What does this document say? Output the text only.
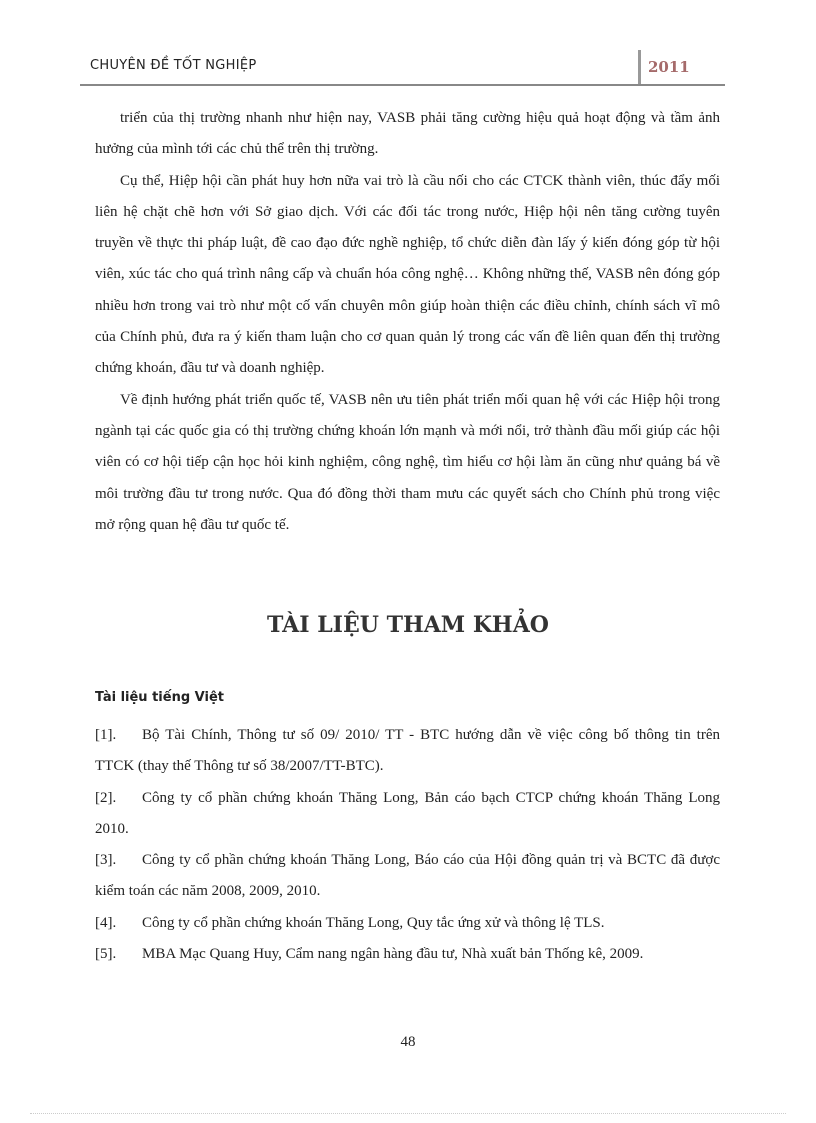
CHUYÊN ĐỀ TỐT NGHIỆP	2011

triển của thị trường nhanh như hiện nay, VASB phải tăng cường hiệu quả hoạt động và tầm ảnh hưởng của mình tới các chủ thể trên thị trường.

Cụ thể, Hiệp hội cần phát huy hơn nữa vai trò là cầu nối cho các CTCK thành viên, thúc đẩy mối liên hệ chặt chẽ hơn với Sở giao dịch. Với các đối tác trong nước, Hiệp hội nên tăng cường tuyên truyền về thực thi pháp luật, đề cao đạo đức nghề nghiệp, tổ chức diễn đàn lấy ý kiến đóng góp từ hội viên, xúc tác cho quá trình nâng cấp và chuẩn hóa công nghệ… Không những thế, VASB nên đóng góp nhiều hơn trong vai trò như một cố vấn chuyên môn giúp hoàn thiện các điều chỉnh, chính sách vĩ mô của Chính phủ, đưa ra ý kiến tham luận cho cơ quan quản lý trong các vấn đề liên quan đến thị trường chứng khoán, đầu tư và doanh nghiệp.

Về định hướng phát triển quốc tế, VASB nên ưu tiên phát triển mối quan hệ với các Hiệp hội trong ngành tại các quốc gia có thị trường chứng khoán lớn mạnh và mới nổi, trở thành đầu mối giúp các hội viên có cơ hội tiếp cận học hỏi kinh nghiệm, công nghệ, tìm hiểu cơ hội làm ăn cũng như quảng bá về môi trường đầu tư trong nước. Qua đó đồng thời tham mưu các quyết sách cho Chính phủ trong việc mở rộng quan hệ đầu tư quốc tế.

TÀI LIỆU THAM KHẢO
Tài liệu tiếng Việt

[1]. Bộ Tài Chính, Thông tư số 09/ 2010/ TT - BTC hướng dẫn về việc công bố thông tin trên TTCK (thay thế Thông tư số 38/2007/TT-BTC).

[2]. Công ty cổ phần chứng khoán Thăng Long, Bản cáo bạch CTCP chứng khoán Thăng Long 2010.

[3]. Công ty cổ phần chứng khoán Thăng Long, Báo cáo của Hội đồng quản trị và BCTC đã được kiểm toán các năm 2008, 2009, 2010.

[4]. Công ty cổ phần chứng khoán Thăng Long, Quy tắc ứng xử và thông lệ TLS.

[5]. MBA Mạc Quang Huy, Cẩm nang ngân hàng đầu tư, Nhà xuất bản Thống kê, 2009.

48
